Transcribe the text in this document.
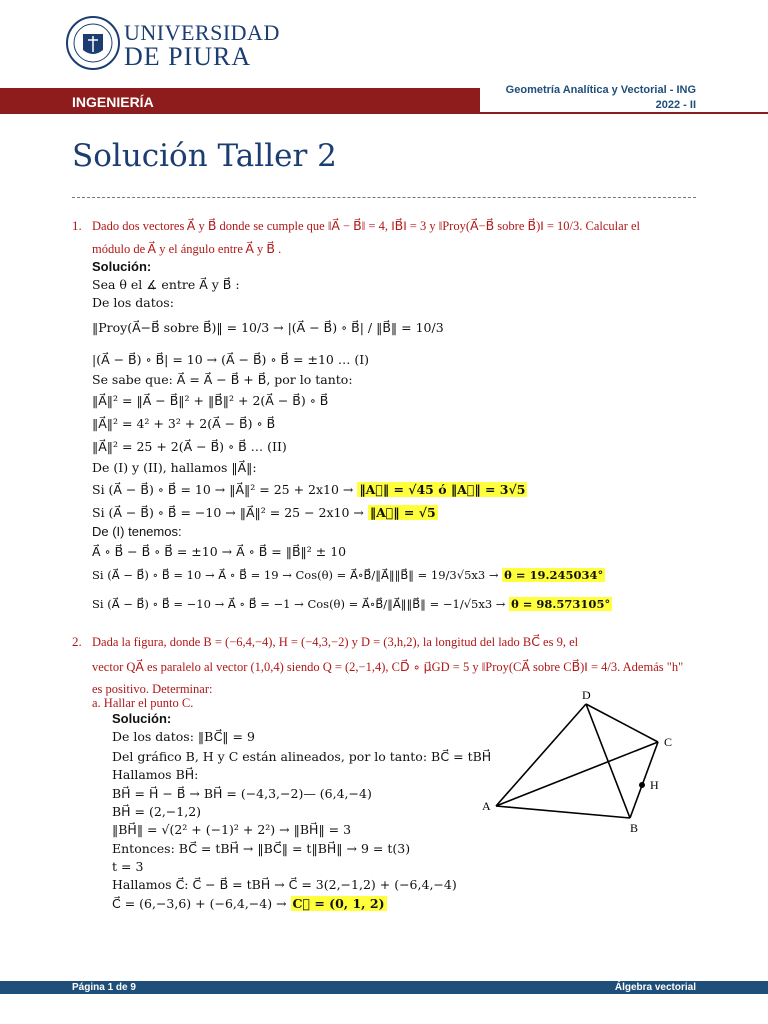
UNIVERSIDAD
DE PIURA
Geometría Analítica y Vectorial - ING
2022 - II
INGENIERÍA
Solución Taller 2
1. Dado dos vectores A⃗ y B⃗ donde se cumple que ‖A⃗ − B⃗‖ = 4, ‖B⃗‖ = 3 y ‖Proy(A⃗−B⃗ sobre B⃗)‖ = 10/3. Calcular el
módulo de A⃗ y el ángulo entre A⃗ y B⃗ .
Solución:
Sea θ el ∡ entre A⃗ y B⃗ :
De los datos:
‖Proy(A⃗−B⃗ sobre B⃗)‖ = 10/3 → |(A⃗ − B⃗) ∘ B⃗| / ‖B⃗‖ = 10/3
|(A⃗ − B⃗) ∘ B⃗| = 10 → (A⃗ − B⃗) ∘ B⃗ = ±10 … (I)
Se sabe que: A⃗ = A⃗ − B⃗ + B⃗, por lo tanto:
‖A⃗‖² = ‖A⃗ − B⃗‖² + ‖B⃗‖² + 2(A⃗ − B⃗) ∘ B⃗
‖A⃗‖² = 4² + 3² + 2(A⃗ − B⃗) ∘ B⃗
‖A⃗‖² = 25 + 2(A⃗ − B⃗) ∘ B⃗ … (II)
De (I) y (II), hallamos ‖A⃗‖:
Si (A⃗ − B⃗) ∘ B⃗ = 10 → ‖A⃗‖² = 25 + 2x10 → ‖A⃗‖ = √45 ó ‖A⃗‖ = 3√5
Si (A⃗ − B⃗) ∘ B⃗ = −10 → ‖A⃗‖² = 25 − 2x10 → ‖A⃗‖ = √5
De (I) tenemos:
A⃗ ∘ B⃗ − B⃗ ∘ B⃗ = ±10 → A⃗ ∘ B⃗ = ‖B⃗‖² ± 10
Si (A⃗ − B⃗) ∘ B⃗ = 10 → A⃗ ∘ B⃗ = 19 → Cos(θ) = A⃗∘B⃗/‖A⃗‖‖B⃗‖ = 19/3√5x3 → θ = 19.245034°
Si (A⃗ − B⃗) ∘ B⃗ = −10 → A⃗ ∘ B⃗ = −1 → Cos(θ) = A⃗∘B⃗/‖A⃗‖‖B⃗‖ = −1/√5x3 → θ = 98.573105°
2. Dada la figura, donde B = (−6,4,−4), H = (−4,3,−2) y D = (3,h,2), la longitud del lado BC⃗ es 9, el
vector QA⃗ es paralelo al vector (1,0,4) siendo Q = (2,−1,4), CD⃗ ∘ μ⃗GD = 5 y ‖Proy(CA⃗ sobre CB⃗)‖ = 4/3. Además "h"
es positivo. Determinar:
a. Hallar el punto C.
Solución:
De los datos: ‖BC⃗‖ = 9
Del gráfico B, H y C están alineados, por lo tanto: BC⃗ = tBH⃗
Hallamos BH⃗:
BH⃗ = H⃗ − B⃗ → BH⃗ = (−4,3,−2)— (6,4,−4)
BH⃗ = (2,−1,2)
‖BH⃗‖ = √(2² + (−1)² + 2²) → ‖BH⃗‖ = 3
Entonces: BC⃗ = tBH⃗ → ‖BC⃗‖ = t‖BH⃗‖ → 9 = t(3)
t = 3
Hallamos C⃗: C⃗ − B⃗ = tBH⃗ → C⃗ = 3(2,−1,2) + (−6,4,−4)
C⃗ = (6,−3,6) + (−6,4,−4) → C⃗ = (0, 1, 2)
D
C
H
A
B
Página 1 de 9	Álgebra vectorial
